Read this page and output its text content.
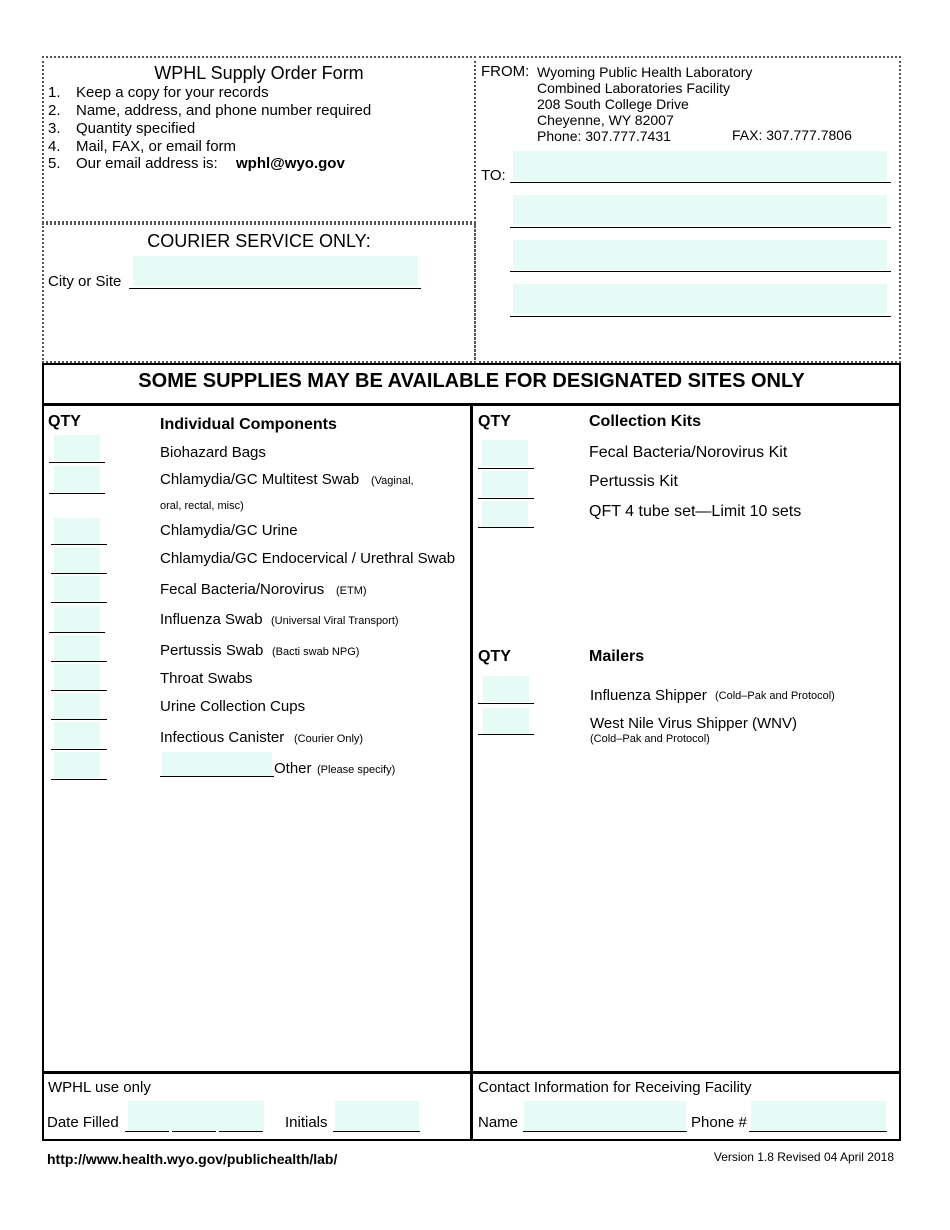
WPHL Supply Order Form
1. Keep a copy for your records
2. Name, address, and phone number required
3. Quantity specified
4. Mail, FAX, or email form
5. Our email address is: wphl@wyo.gov
COURIER SERVICE ONLY:
City or Site
FROM: Wyoming Public Health Laboratory
Combined Laboratories Facility
208 South College Drive
Cheyenne, WY 82007
Phone: 307.777.7431	FAX: 307.777.7806
TO:
SOME SUPPLIES MAY BE AVAILABLE FOR DESIGNATED SITES ONLY
QTY	Individual Components
Biohazard Bags
Chlamydia/GC Multitest Swab (Vaginal,
oral, rectal, misc)
Chlamydia/GC Urine
Chlamydia/GC Endocervical / Urethral Swab
Fecal Bacteria/Norovirus (ETM)
Influenza Swab (Universal Viral Transport)
Pertussis Swab (Bacti swab NPG)
Throat Swabs
Urine Collection Cups
Infectious Canister (Courier Only)
Other (Please specify)
QTY	Collection Kits
Fecal Bacteria/Norovirus Kit
Pertussis Kit
QFT 4 tube set—Limit 10 sets
QTY	Mailers
Influenza Shipper (Cold–Pak and Protocol)
West Nile Virus Shipper (WNV)
(Cold–Pak and Protocol)
WPHL use only
Date Filled	Initials
Contact Information for Receiving Facility
Name	Phone #
http://www.health.wyo.gov/publichealth/lab/	Version 1.8 Revised 04 April 2018
